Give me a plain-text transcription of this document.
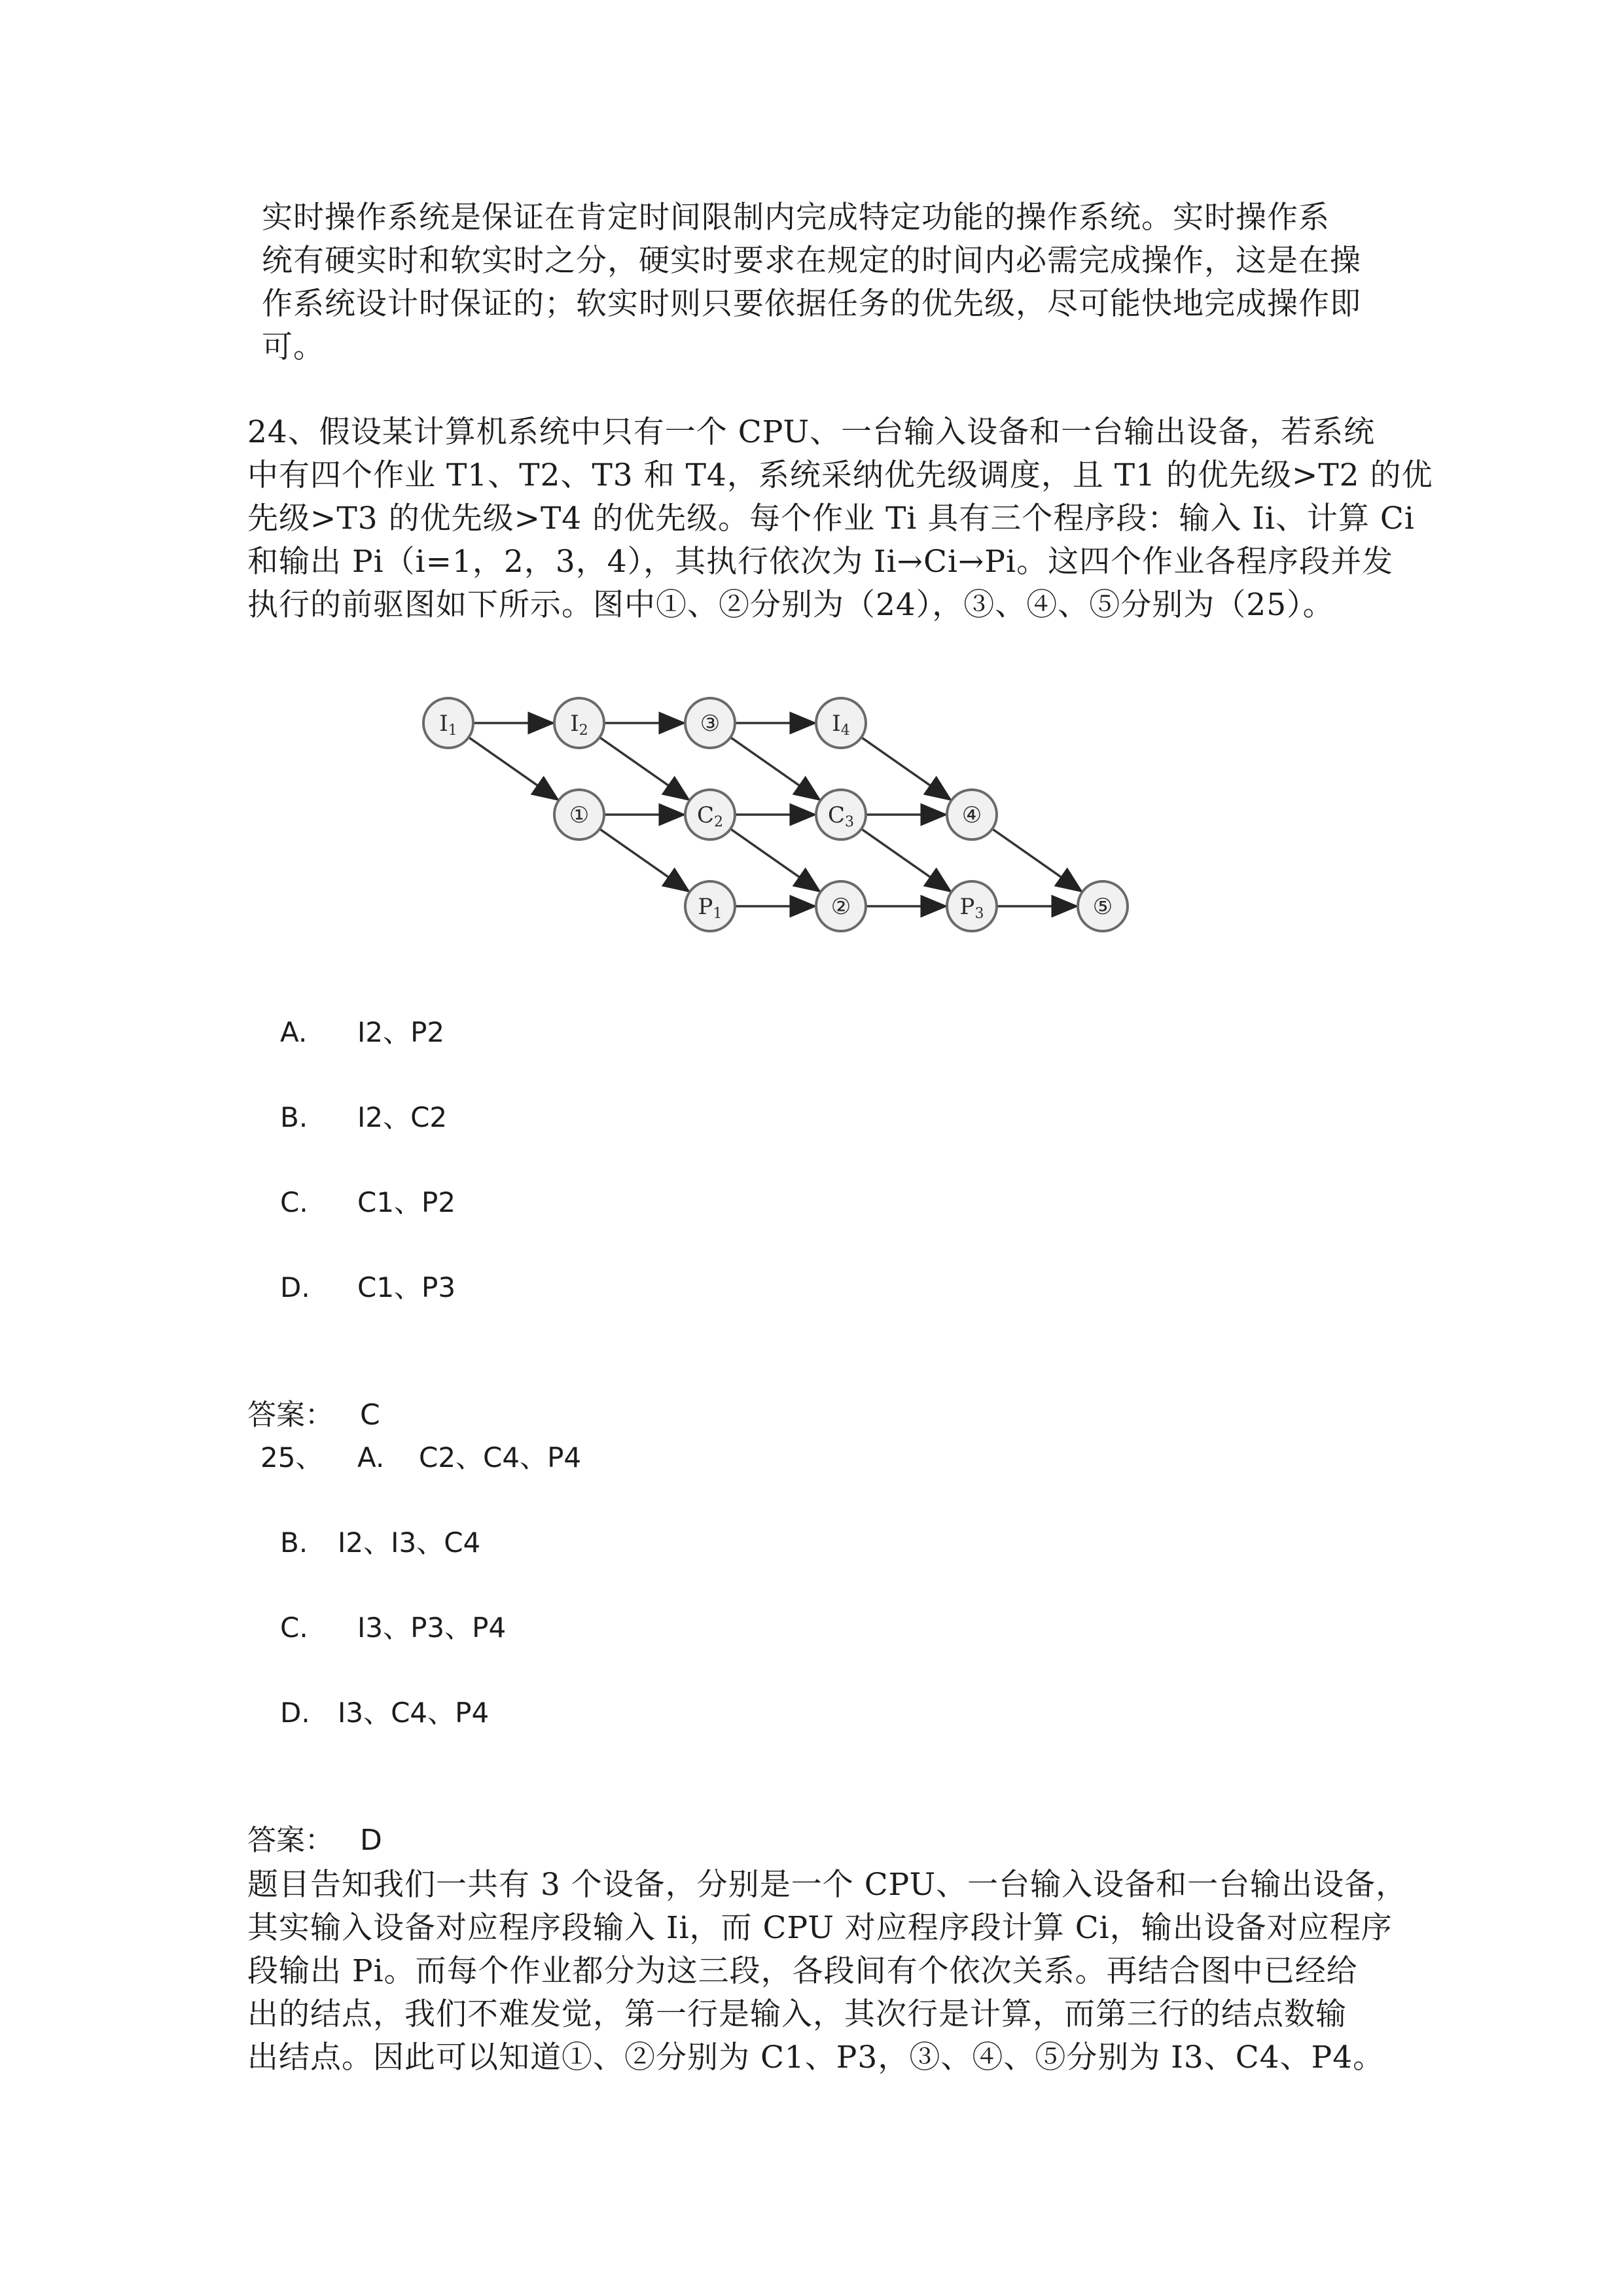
实时操作系统是保证在肯定时间限制内完成特定功能的操作系统。实时操作系
统有硬实时和软实时之分，硬实时要求在规定的时间内必需完成操作，这是在操
作系统设计时保证的；软实时则只要依据任务的优先级，尽可能快地完成操作即
可。
24、假设某计算机系统中只有一个 CPU、一台输入设备和一台输出设备，若系统
中有四个作业 T1、T2、T3 和 T4，系统采纳优先级调度，且 T1 的优先级>T2 的优
先级>T3 的优先级>T4 的优先级。每个作业 Ti 具有三个程序段：输入 Ii、计算 Ci
和输出 Pi（i=1，2，3，4），其执行依次为 Ii→Ci→Pi。这四个作业各程序段并发
执行的前驱图如下所示。图中①、②分别为（24），③、④、⑤分别为（25）。
I1	I2	③	I4
①	C2	C3	④
P1	②	P3	⑤
A. I2、P2
B. I2、C2
C. C1、P2
D. C1、P3
答案： C
25、 A. C2、C4、P4
B. I2、I3、C4
C. I3、P3、P4
D. I3、C4、P4
答案： D
题目告知我们一共有 3 个设备，分别是一个 CPU、一台输入设备和一台输出设备，
其实输入设备对应程序段输入 Ii，而 CPU 对应程序段计算 Ci，输出设备对应程序
段输出 Pi。而每个作业都分为这三段，各段间有个依次关系。再结合图中已经给
出的结点，我们不难发觉，第一行是输入，其次行是计算，而第三行的结点数输
出结点。因此可以知道①、②分别为 C1、P3，③、④、⑤分别为 I3、C4、P4。
